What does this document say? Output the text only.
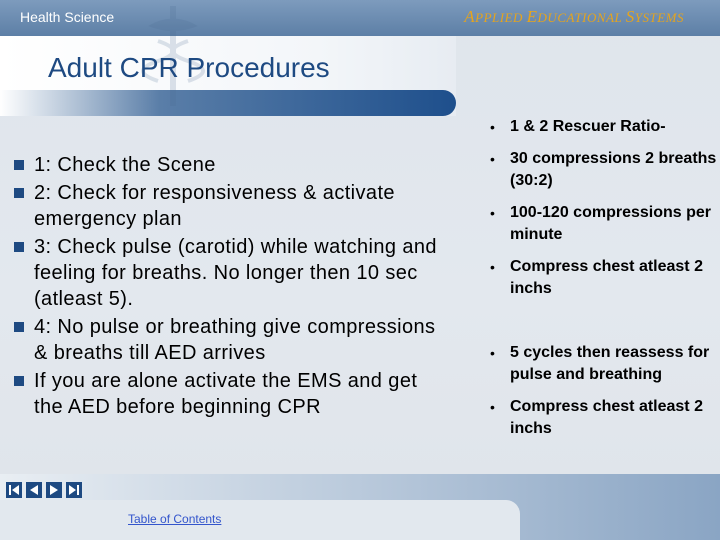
Health Science	APPLIED EDUCATIONAL SYSTEMS
Adult CPR Procedures
1: Check the Scene
2: Check for responsiveness & activate emergency plan
3: Check pulse (carotid) while watching and feeling for breaths. No longer then 10 sec (atleast 5).
4: No pulse or breathing give compressions & breaths till AED arrives
If you are alone activate the EMS and get the AED before beginning CPR
• 1 & 2 Rescuer Ratio-
• 30 compressions 2 breaths (30:2)
• 100-120 compressions per minute
• Compress chest atleast 2 inchs
• 5 cycles then reassess for pulse and breathing
• Compress chest atleast 2 inchs
Table of Contents
